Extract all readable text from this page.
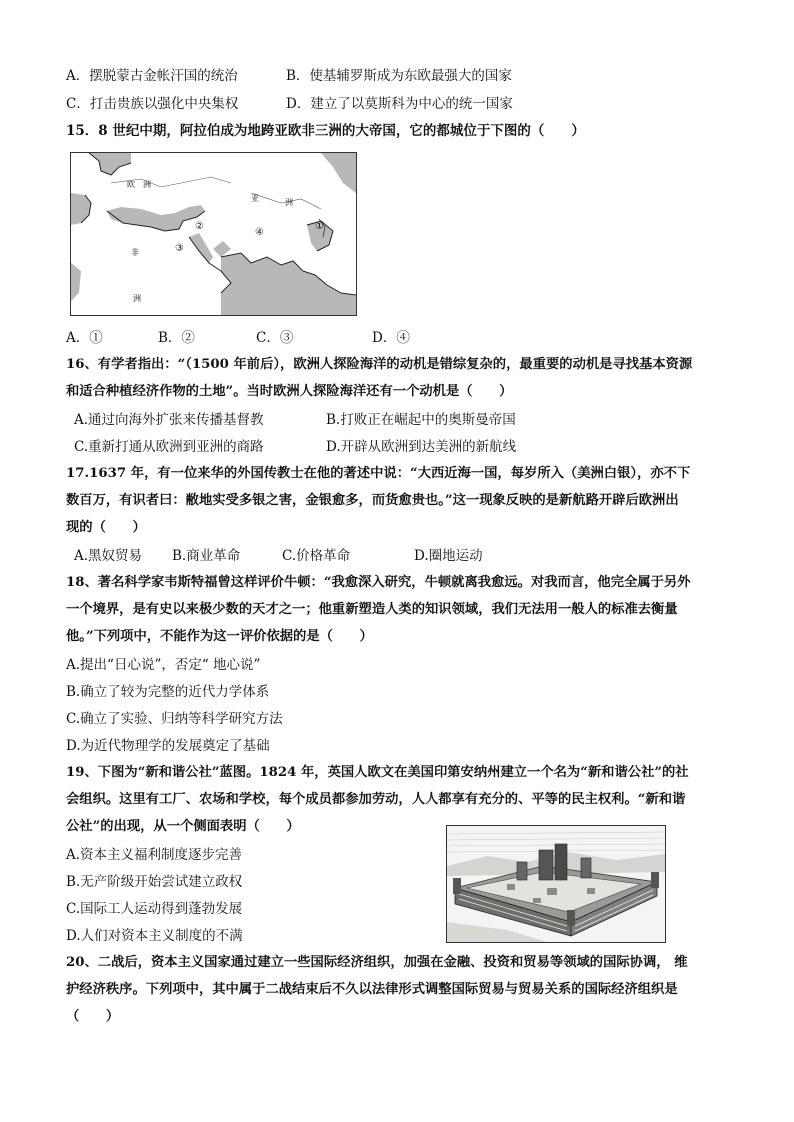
A．摆脱蒙古金帐汗国的统治	B．使基辅罗斯成为东欧最强大的国家
C．打击贵族以强化中央集权	D．建立了以莫斯科为中心的统一国家
15．8 世纪中期，阿拉伯成为地跨亚欧非三洲的大帝国，它的都城位于下图的（　　）
欧　洲
亚	洲
非
洲
①
②
③
④
A．①	B．②	C．③	D．④
16、有学者指出：“（1500 年前后），欧洲人探险海洋的动机是错综复杂的，最重要的动机是寻找基本资源
和适合种植经济作物的土地”。当时欧洲人探险海洋还有一个动机是（　　）
A.通过向海外扩张来传播基督教	B.打败正在崛起中的奥斯曼帝国
C.重新打通从欧洲到亚洲的商路	D.开辟从欧洲到达美洲的新航线
17.1637 年，有一位来华的外国传教士在他的著述中说：“大西近海一国，每岁所入（美洲白银），亦不下
数百万，有识者曰：敝地实受多银之害，金银愈多，而货愈贵也。”这一现象反映的是新航路开辟后欧洲出
现的（　　）
A.黑奴贸易 B.商业革命	C.价格革命	D.圈地运动
18、著名科学家韦斯特福曾这样评价牛顿：“我愈深入研究，牛顿就离我愈远。对我而言，他完全属于另外
一个境界，是有史以来极少数的天才之一；他重新塑造人类的知识领域，我们无法用一般人的标准去衡量
他。”下列项中，不能作为这一评价依据的是（　　）
A.提出“日心说”，否定“ 地心说”
B.确立了较为完整的近代力学体系
C.确立了实验、归纳等科学研究方法
D.为近代物理学的发展奠定了基础
19、下图为“新和谐公社”蓝图。1824 年，英国人欧文在美国印第安纳州建立一个名为“新和谐公社”的社
会组织。这里有工厂、农场和学校，每个成员都参加劳动，人人都享有充分的、平等的民主权利。“新和谐
公社”的出现，从一个侧面表明（　　）
A.资本主义福利制度逐步完善
B.无产阶级开始尝试建立政权
C.国际工人运动得到蓬勃发展
D.人们对资本主义制度的不满
20、二战后，资本主义国家通过建立一些国际经济组织，加强在金融、投资和贸易等领域的国际协调， 维
护经济秩序。下列项中，其中属于二战结束后不久以法律形式调整国际贸易与贸易关系的国际经济组织是
（　　）
